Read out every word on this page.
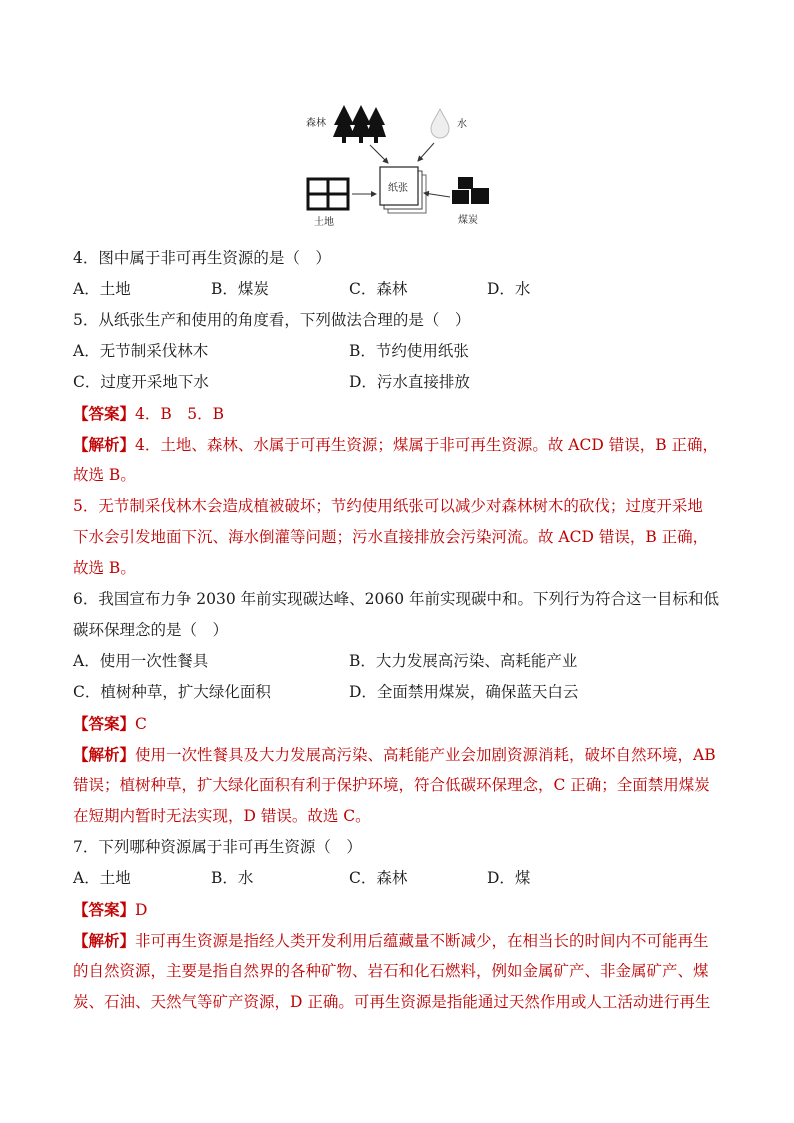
森林	水
土地
纸张
煤炭
4．图中属于非可再生资源的是（　）
A．土地	B．煤炭	C．森林	D．水
5．从纸张生产和使用的角度看，下列做法合理的是（　）
A．无节制采伐林木	B．节约使用纸张
C．过度开采地下水	D．污水直接排放
【答案】4．B　5．B
【解析】4．土地、森林、水属于可再生资源；煤属于非可再生资源。故 ACD 错误，B 正确，
故选 B。
5．无节制采伐林木会造成植被破坏；节约使用纸张可以减少对森林树木的砍伐；过度开采地
下水会引发地面下沉、海水倒灌等问题；污水直接排放会污染河流。故 ACD 错误，B 正确，
故选 B。
6．我国宣布力争 2030 年前实现碳达峰、2060 年前实现碳中和。下列行为符合这一目标和低
碳环保理念的是（　）
A．使用一次性餐具	B．大力发展高污染、高耗能产业
C．植树种草，扩大绿化面积	D．全面禁用煤炭，确保蓝天白云
【答案】C
【解析】使用一次性餐具及大力发展高污染、高耗能产业会加剧资源消耗，破坏自然环境，AB
错误；植树种草，扩大绿化面积有利于保护环境，符合低碳环保理念，C 正确；全面禁用煤炭
在短期内暂时无法实现，D 错误。故选 C。
7．下列哪种资源属于非可再生资源（　）
A．土地	B．水	C．森林	D．煤
【答案】D
【解析】非可再生资源是指经人类开发利用后蕴藏量不断减少，在相当长的时间内不可能再生
的自然资源，主要是指自然界的各种矿物、岩石和化石燃料，例如金属矿产、非金属矿产、煤
炭、石油、天然气等矿产资源，D 正确。可再生资源是指能通过天然作用或人工活动进行再生
